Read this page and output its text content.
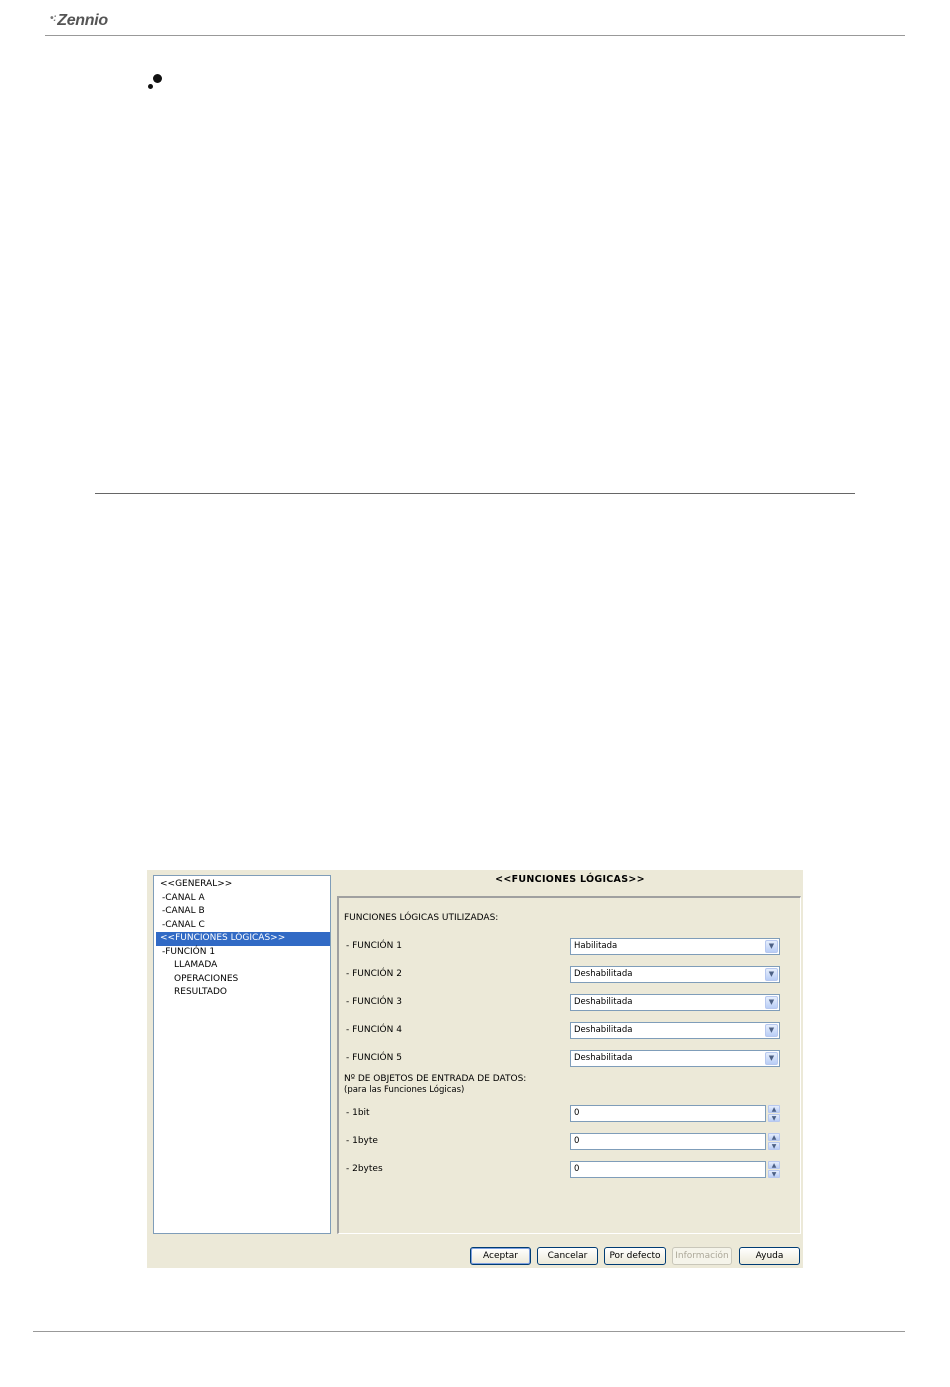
•:Zennio
<<GENERAL>>
-CANAL A
-CANAL B
-CANAL C
<<FUNCIONES LÓGICAS>>
-FUNCIÓN 1
LLAMADA
OPERACIONES
RESULTADO
<<FUNCIONES LÓGICAS>>
FUNCIONES LÓGICAS UTILIZADAS:
- FUNCIÓN 1	Habilitada	▼
- FUNCIÓN 2	Deshabilitada	▼
- FUNCIÓN 3	Deshabilitada	▼
- FUNCIÓN 4	Deshabilitada	▼
- FUNCIÓN 5	Deshabilitada	▼
Nº DE OBJETOS DE ENTRADA DE DATOS:
(para las Funciones Lógicas)
- 1bit	0	▲
▼
- 1byte	0	▲
▼
- 2bytes	0	▲
▼
Aceptar	Cancelar	Por defecto	Información	Ayuda
